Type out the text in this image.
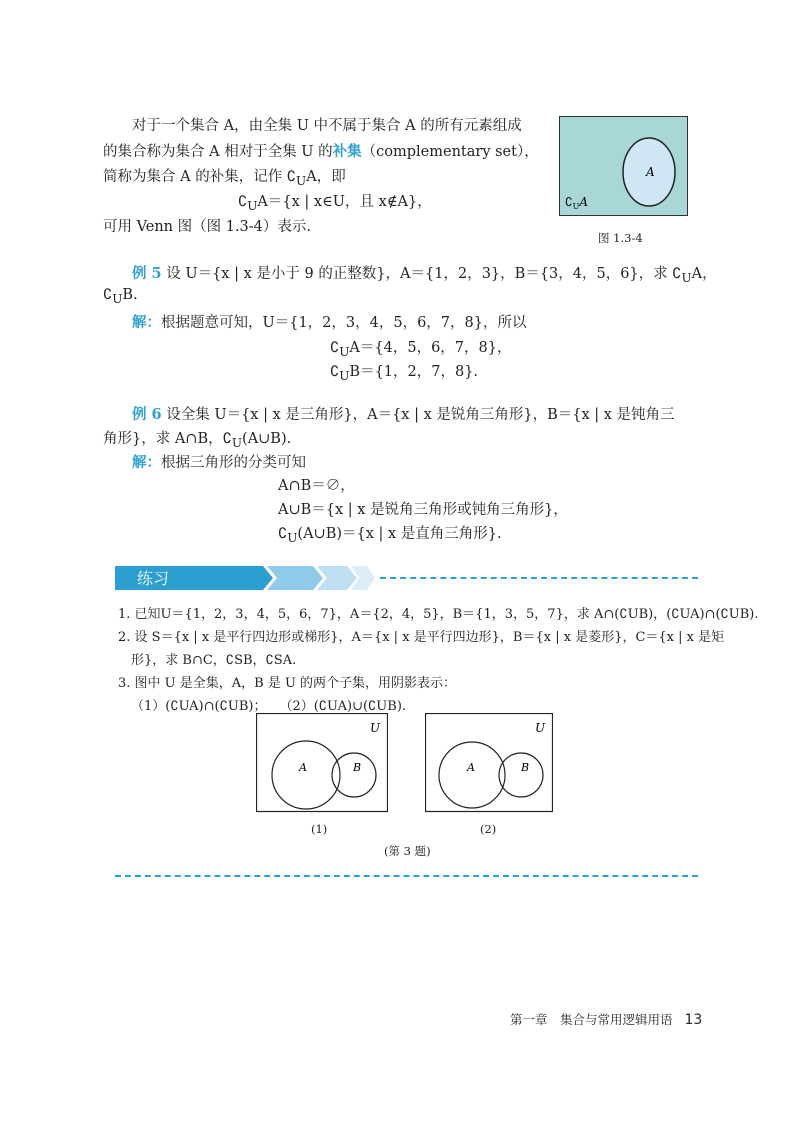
对于一个集合 A，由全集 U 中不属于集合 A 的所有元素组成
的集合称为集合 A 相对于全集 U 的补集（complementary set），
简称为集合 A 的补集，记作 $∁_UA$，即
$∁_UA=\{x$ | x∈U，且 x∉A}，
可用 Venn 图（图 1.3-4）表示.
A
$∁_UA$
图 1.3-4
例 5 设 U＝{x | x 是小于 9 的正整数}，A＝{1，2，3}，B＝{3，4，5，6}，求 $∁_UA$，
$∁_UB$.
解：根据题意可知，U＝{1，2，3，4，5，6，7，8}，所以
$∁_UA=\{4$，5，6，7，8}，
$∁_UB=\{1$，2，7，8}.
例 6 设全集 U＝{x | x 是三角形}，A＝{x | x 是锐角三角形}，B＝{x | x 是钝角三
角形}，求 A∩B，$∁_U(A\cup B)$.
解：根据三角形的分类可知
A∩B＝∅，
A∪B＝{x | x 是锐角三角形或钝角三角形}，
$∁_U(A\cup B)=\{x$ | x 是直角三角形}.
练习
1. 已知U＝{1，2，3，4，5，6，7}，A＝{2，4，5}，B＝{1，3，5，7}，求 A∩(∁UB)，(∁UA)∩(∁UB).
2. 设 S＝{x | x 是平行四边形或梯形}，A＝{x | x 是平行四边形}，B＝{x | x 是菱形}，C＝{x | x 是矩
形}，求 B∩C，∁SB，∁SA.
3. 图中 U 是全集，A，B 是 U 的两个子集，用阴影表示：
（1）(∁UA)∩(∁UB)；　　（2）(∁UA)∪(∁UB).
U
A	B
(1)
U
A	B
(2)
(第 3 题)
第一章　集合与常用逻辑用语 13
